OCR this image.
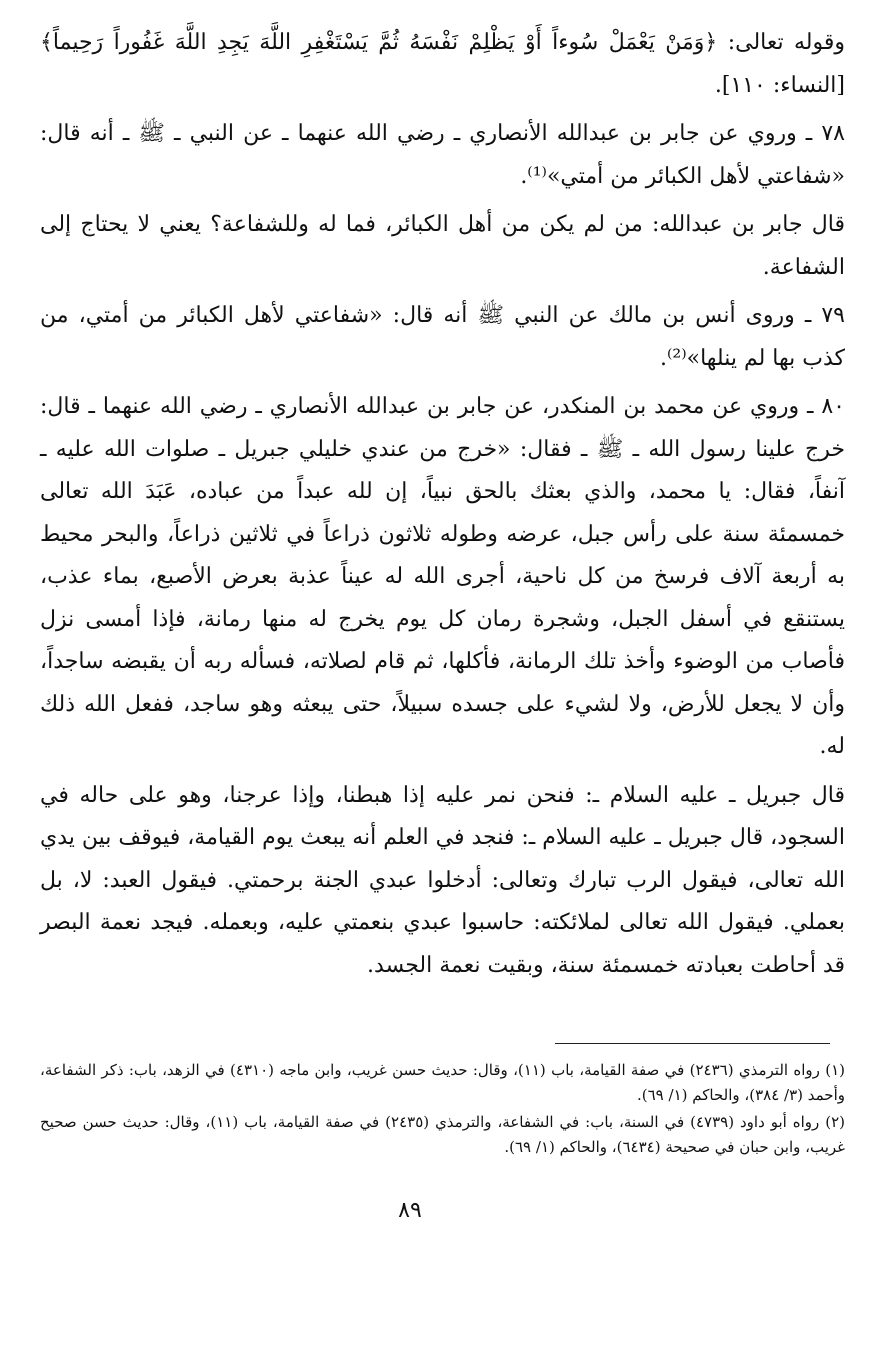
وقوله تعالى: ﴿وَمَنْ يَعْمَلْ سُوءاً أَوْ يَظْلِمْ نَفْسَهُ ثُمَّ يَسْتَغْفِرِ اللَّهَ يَجِدِ اللَّهَ غَفُوراً رَحِيماً﴾ [النساء: ١١٠].

٧٨ ـ وروي عن جابر بن عبدالله الأنصاري ـ رضي الله عنهما ـ عن النبي ـ ﷺ ـ أنه قال: «شفاعتي لأهل الكبائر من أمتي»⁽¹⁾.

قال جابر بن عبدالله: من لم يكن من أهل الكبائر، فما له وللشفاعة؟ يعني لا يحتاج إلى الشفاعة.

٧٩ ـ وروى أنس بن مالك عن النبي ﷺ أنه قال: «شفاعتي لأهل الكبائر من أمتي، من كذب بها لم ينلها»⁽²⁾.

٨٠ ـ وروي عن محمد بن المنكدر، عن جابر بن عبدالله الأنصاري ـ رضي الله عنهما ـ قال: خرج علينا رسول الله ـ ﷺ ـ فقال: «خرج من عندي خليلي جبريل ـ صلوات الله عليه ـ آنفاً، فقال: يا محمد، والذي بعثك بالحق نبياً، إن لله عبداً من عباده، عَبَدَ الله تعالى خمسمئة سنة على رأس جبل، عرضه وطوله ثلاثون ذراعاً في ثلاثين ذراعاً، والبحر محيط به أربعة آلاف فرسخ من كل ناحية، أجرى الله له عيناً عذبة بعرض الأصبع، بماء عذب، يستنقع في أسفل الجبل، وشجرة رمان كل يوم يخرج له منها رمانة، فإذا أمسى نزل فأصاب من الوضوء وأخذ تلك الرمانة، فأكلها، ثم قام لصلاته، فسأله ربه أن يقبضه ساجداً، وأن لا يجعل للأرض، ولا لشيء على جسده سبيلاً، حتى يبعثه وهو ساجد، ففعل الله ذلك له.

قال جبريل ـ عليه السلام ـ: فنحن نمر عليه إذا هبطنا، وإذا عرجنا، وهو على حاله في السجود، قال جبريل ـ عليه السلام ـ: فنجد في العلم أنه يبعث يوم القيامة، فيوقف بين يدي الله تعالى، فيقول الرب تبارك وتعالى: أدخلوا عبدي الجنة برحمتي. فيقول العبد: لا، بل بعملي. فيقول الله تعالى لملائكته: حاسبوا عبدي بنعمتي عليه، وبعمله. فيجد نعمة البصر قد أحاطت بعبادته خمسمئة سنة، وبقيت نعمة الجسد.

(١) رواه الترمذي (٢٤٣٦) في صفة القيامة، باب (١١)، وقال: حديث حسن غريب، وابن ماجه (٤٣١٠) في الزهد، باب: ذكر الشفاعة، وأحمد (٣/ ٣٨٤)، والحاكم (١/ ٦٩).

(٢) رواه أبو داود (٤٧٣٩) في السنة، باب: في الشفاعة، والترمذي (٢٤٣٥) في صفة القيامة، باب (١١)، وقال: حديث حسن صحيح غريب، وابن حبان في صحيحة (٦٤٣٤)، والحاكم (١/ ٦٩).

٨٩
